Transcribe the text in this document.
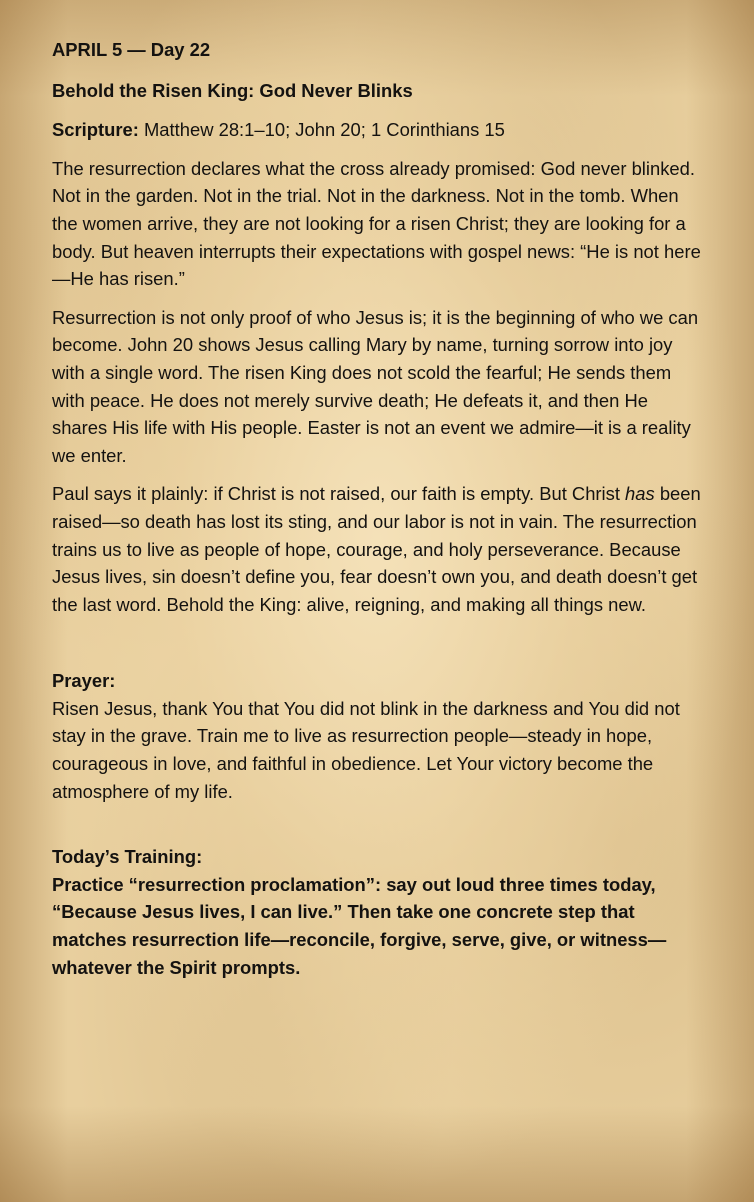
APRIL 5 — Day 22

Behold the Risen King: God Never Blinks

Scripture: Matthew 28:1–10; John 20; 1 Corinthians 15

The resurrection declares what the cross already promised: God never blinked. Not in the garden. Not in the trial. Not in the darkness. Not in the tomb. When the women arrive, they are not looking for a risen Christ; they are looking for a body. But heaven interrupts their expectations with gospel news: “He is not here—He has risen.”

Resurrection is not only proof of who Jesus is; it is the beginning of who we can become. John 20 shows Jesus calling Mary by name, turning sorrow into joy with a single word. The risen King does not scold the fearful; He sends them with peace. He does not merely survive death; He defeats it, and then He shares His life with His people. Easter is not an event we admire—it is a reality we enter.

Paul says it plainly: if Christ is not raised, our faith is empty. But Christ has been raised—so death has lost its sting, and our labor is not in vain. The resurrection trains us to live as people of hope, courage, and holy perseverance. Because Jesus lives, sin doesn’t define you, fear doesn’t own you, and death doesn’t get the last word. Behold the King: alive, reigning, and making all things new.

Prayer:

Risen Jesus, thank You that You did not blink in the darkness and You did not stay in the grave. Train me to live as resurrection people—steady in hope, courageous in love, and faithful in obedience. Let Your victory become the atmosphere of my life.

Today’s Training:

Practice “resurrection proclamation”: say out loud three times today, “Because Jesus lives, I can live.” Then take one concrete step that matches resurrection life—reconcile, forgive, serve, give, or witness—whatever the Spirit prompts.
